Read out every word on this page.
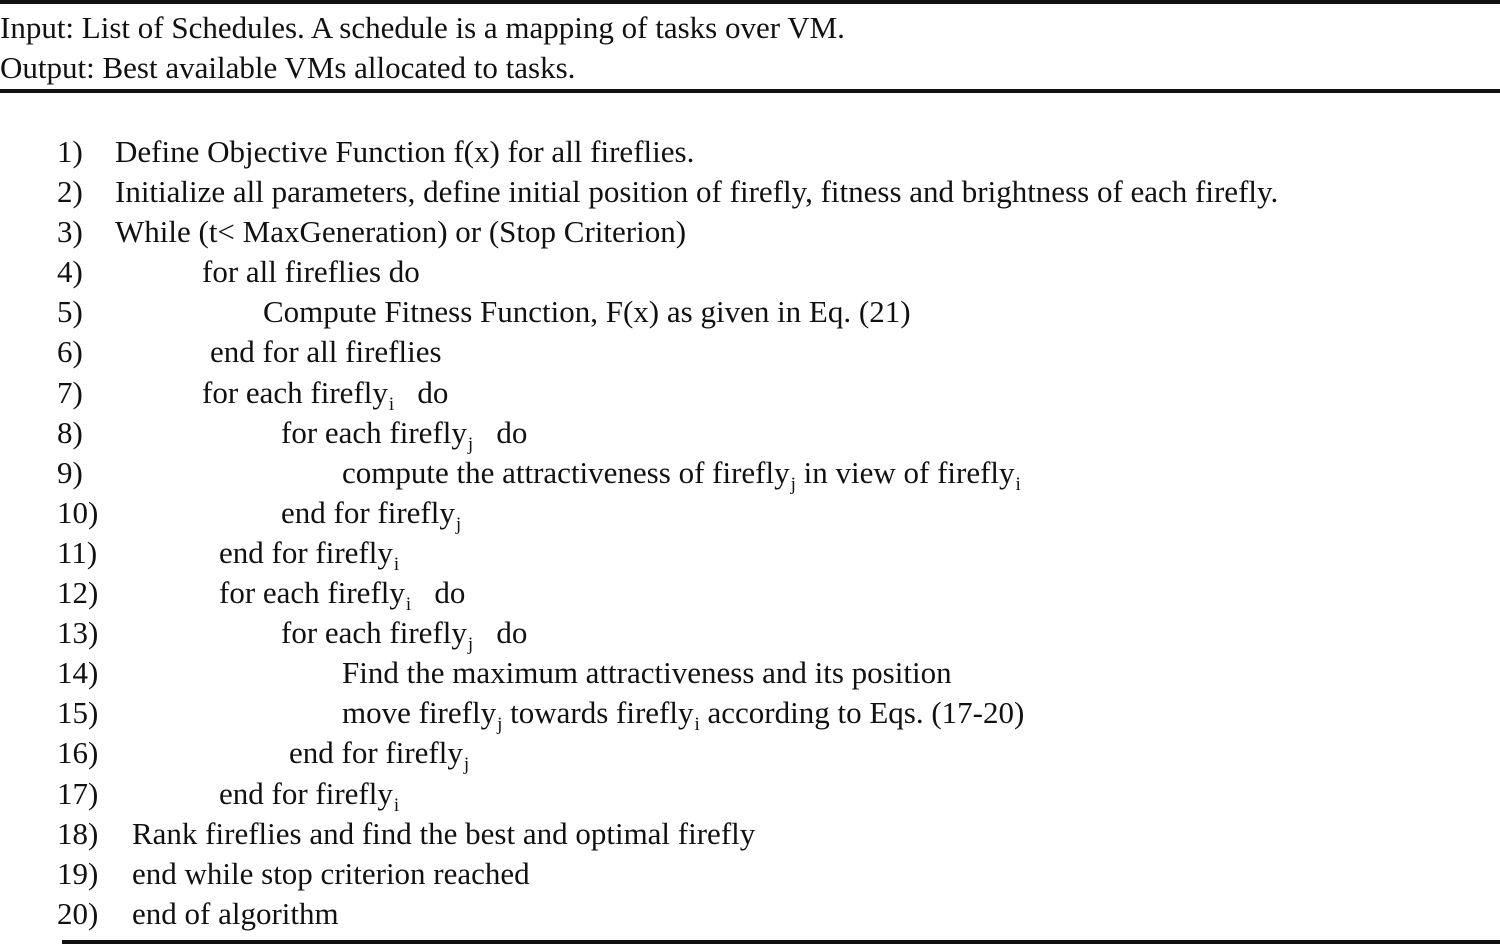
Input: List of Schedules. A schedule is a mapping of tasks over VM.
Output: Best available VMs allocated to tasks.
1) Define Objective Function f(x) for all fireflies.
2) Initialize all parameters, define initial position of firefly, fitness and brightness of each firefly.
3) While (t< MaxGeneration) or (Stop Criterion)
4)	for all fireflies do
5)	Compute Fitness Function, F(x) as given in Eq. (21)
6)	end for all fireflies
7)	for each firefly$_i$   do
8)	for each firefly$_j$   do
9)	compute the attractiveness of firefly$_j$ in view of firefly$_i$
10)	end for firefly$_j$
11)	end for firefly$_i$
12)	for each firefly$_i$   do
13)	for each firefly$_j$   do
14)	Find the maximum attractiveness and its position
15)	move firefly$_j$ towards firefly$_i$ according to Eqs. (17-20)
16)	end for firefly$_j$
17)	end for firefly$_i$
18) Rank fireflies and find the best and optimal firefly
19) end while stop criterion reached
20) end of algorithm
